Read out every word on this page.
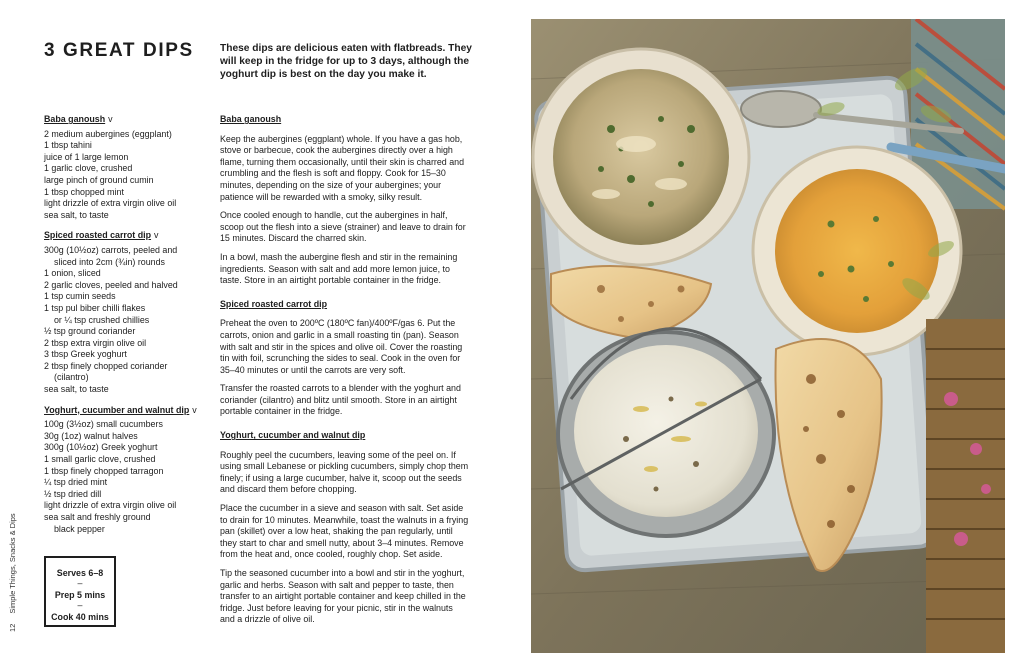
3 GREAT DIPS	These dips are delicious eaten with flatbreads. They will keep in the fridge for up to 3 days, although the yoghurt dip is best on the day you make it.

Baba ganoush v
2 medium aubergines (eggplant)
1 tbsp tahini
juice of 1 large lemon
1 garlic clove, crushed
large pinch of ground cumin
1 tbsp chopped mint
light drizzle of extra virgin olive oil
sea salt, to taste
Spiced roasted carrot dip v
300g (10½oz) carrots, peeled and
sliced into 2cm (¾in) rounds
1 onion, sliced
2 garlic cloves, peeled and halved
1 tsp cumin seeds
1 tsp pul biber chilli flakes
or ¼ tsp crushed chillies
½ tsp ground coriander
2 tbsp extra virgin olive oil
3 tbsp Greek yoghurt
2 tbsp finely chopped coriander
(cilantro)
sea salt, to taste
Yoghurt, cucumber and walnut dip v
100g (3½oz) small cucumbers
30g (1oz) walnut halves
300g (10½oz) Greek yoghurt
1 small garlic clove, crushed
1 tbsp finely chopped tarragon
¼ tsp dried mint
½ tsp dried dill
light drizzle of extra virgin olive oil
sea salt and freshly ground
black pepper
Baba ganoush

Keep the aubergines (eggplant) whole. If you have a gas hob, stove or barbecue, cook the aubergines directly over a high flame, turning them occasionally, until their skin is charred and crumbling and the flesh is soft and floppy. Cook for 15–30 minutes, depending on the size of your aubergines; your patience will be rewarded with a smoky, silky result.

Once cooled enough to handle, cut the aubergines in half, scoop out the flesh into a sieve (strainer) and leave to drain for 15 minutes. Discard the charred skin.

In a bowl, mash the aubergine flesh and stir in the remaining ingredients. Season with salt and add more lemon juice, to taste. Store in an airtight portable container in the fridge.

Spiced roasted carrot dip

Preheat the oven to 200ºC (180ºC fan)/400ºF/gas 6. Put the carrots, onion and garlic in a small roasting tin (pan). Season with salt and stir in the spices and olive oil. Cover the roasting tin with foil, scrunching the sides to seal. Cook in the oven for 35–40 minutes or until the carrots are very soft.

Transfer the roasted carrots to a blender with the yoghurt and coriander (cilantro) and blitz until smooth. Store in an airtight portable container in the fridge.

Yoghurt, cucumber and walnut dip

Roughly peel the cucumbers, leaving some of the peel on. If using small Lebanese or pickling cucumbers, simply chop them finely; if using a large cucumber, halve it, scoop out the seeds and discard them before chopping.

Place the cucumber in a sieve and season with salt. Set aside to drain for 10 minutes. Meanwhile, toast the walnuts in a frying pan (skillet) over a low heat, shaking the pan regularly, until they start to char and smell nutty, about 3–4 minutes. Remove from the heat and, once cooled, roughly chop. Set aside.

Tip the seasoned cucumber into a bowl and stir in the yoghurt, garlic and herbs. Season with salt and pepper to taste, then transfer to an airtight portable container and keep chilled in the fridge. Just before leaving for your picnic, stir in the walnuts and a drizzle of olive oil.

Serves 6–8
–
Prep 5 mins
–
Cook 40 mins
12Simple Things, Snacks & Dips
